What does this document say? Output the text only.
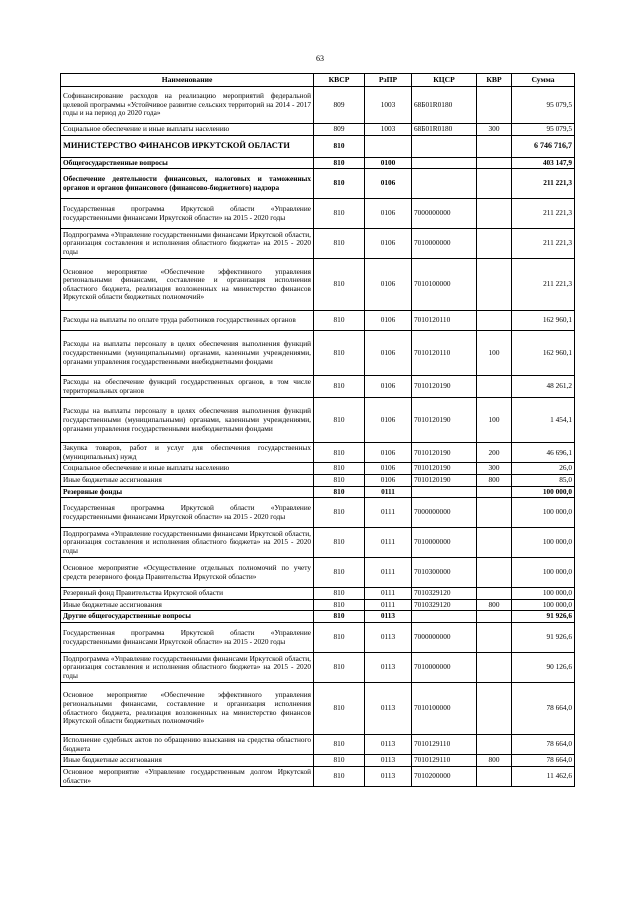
63
Наименование	КВСР	РзПР	КЦСР	КВР	Сумма
Софинансирование расходов на реализацию мероприятий федеральной целевой программы «Устойчивое развитие сельских территорий на 2014 - 2017 годы и на период до 2020 года»	809	1003	68Б01R0180		95 079,5
Социальное обеспечение и иные выплаты населению	809	1003	68Б01R0180	300	95 079,5
МИНИСТЕРСТВО ФИНАНСОВ ИРКУТСКОЙ ОБЛАСТИ	810				6 746 716,7
Общегосударственные вопросы	810	0100			403 147,9
Обеспечение деятельности финансовых, налоговых и таможенных органов и органов финансового (финансово-бюджетного) надзора	810	0106			211 221,3
Государственная программа Иркутской области «Управление государственными финансами Иркутской области» на 2015 - 2020 годы	810	0106	7000000000		211 221,3
Подпрограмма «Управление государственными финансами Иркутской области, организация составления и исполнения областного бюджета» на 2015 - 2020 годы	810	0106	7010000000		211 221,3
Основное мероприятие «Обеспечение эффективного управления региональными финансами, составление и организация исполнения областного бюджета, реализация возложенных на министерство финансов Иркутской области бюджетных полномочий»	810	0106	7010100000		211 221,3
Расходы на выплаты по оплате труда работников государственных органов	810	0106	7010120110		162 960,1
Расходы на выплаты персоналу в целях обеспечения выполнения функций государственными (муниципальными) органами, казенными учреждениями, органами управления государственными внебюджетными фондами	810	0106	7010120110	100	162 960,1
Расходы на обеспечение функций государственных органов, в том числе территориальных органов	810	0106	7010120190		48 261,2
Расходы на выплаты персоналу в целях обеспечения выполнения функций государственными (муниципальными) органами, казенными учреждениями, органами управления государственными внебюджетными фондами	810	0106	7010120190	100	1 454,1
Закупка товаров, работ и услуг для обеспечения государственных (муниципальных) нужд	810	0106	7010120190	200	46 696,1
Социальное обеспечение и иные выплаты населению	810	0106	7010120190	300	26,0
Иные бюджетные ассигнования	810	0106	7010120190	800	85,0
Резервные фонды	810	0111			100 000,0
Государственная программа Иркутской области «Управление государственными финансами Иркутской области» на 2015 - 2020 годы	810	0111	7000000000		100 000,0
Подпрограмма «Управление государственными финансами Иркутской области, организация составления и исполнения областного бюджета» на 2015 - 2020 годы	810	0111	7010000000		100 000,0
Основное мероприятие «Осуществление отдельных полномочий по учету средств резервного фонда Правительства Иркутской области»	810	0111	7010300000		100 000,0
Резервный фонд Правительства Иркутской области	810	0111	7010329120		100 000,0
Иные бюджетные ассигнования	810	0111	7010329120	800	100 000,0
Другие общегосударственные вопросы	810	0113			91 926,6
Государственная программа Иркутской области «Управление государственными финансами Иркутской области» на 2015 - 2020 годы	810	0113	7000000000		91 926,6
Подпрограмма «Управление государственными финансами Иркутской области, организация составления и исполнения областного бюджета» на 2015 - 2020 годы	810	0113	7010000000		90 126,6
Основное мероприятие «Обеспечение эффективного управления региональными финансами, составление и организация исполнения областного бюджета, реализация возложенных на министерство финансов Иркутской области бюджетных полномочий»	810	0113	7010100000		78 664,0
Исполнение судебных актов по обращению взыскания на средства областного бюджета	810	0113	7010129110		78 664,0
Иные бюджетные ассигнования	810	0113	7010129110	800	78 664,0
Основное мероприятие «Управление государственным долгом Иркутской области»	810	0113	7010200000		11 462,6
